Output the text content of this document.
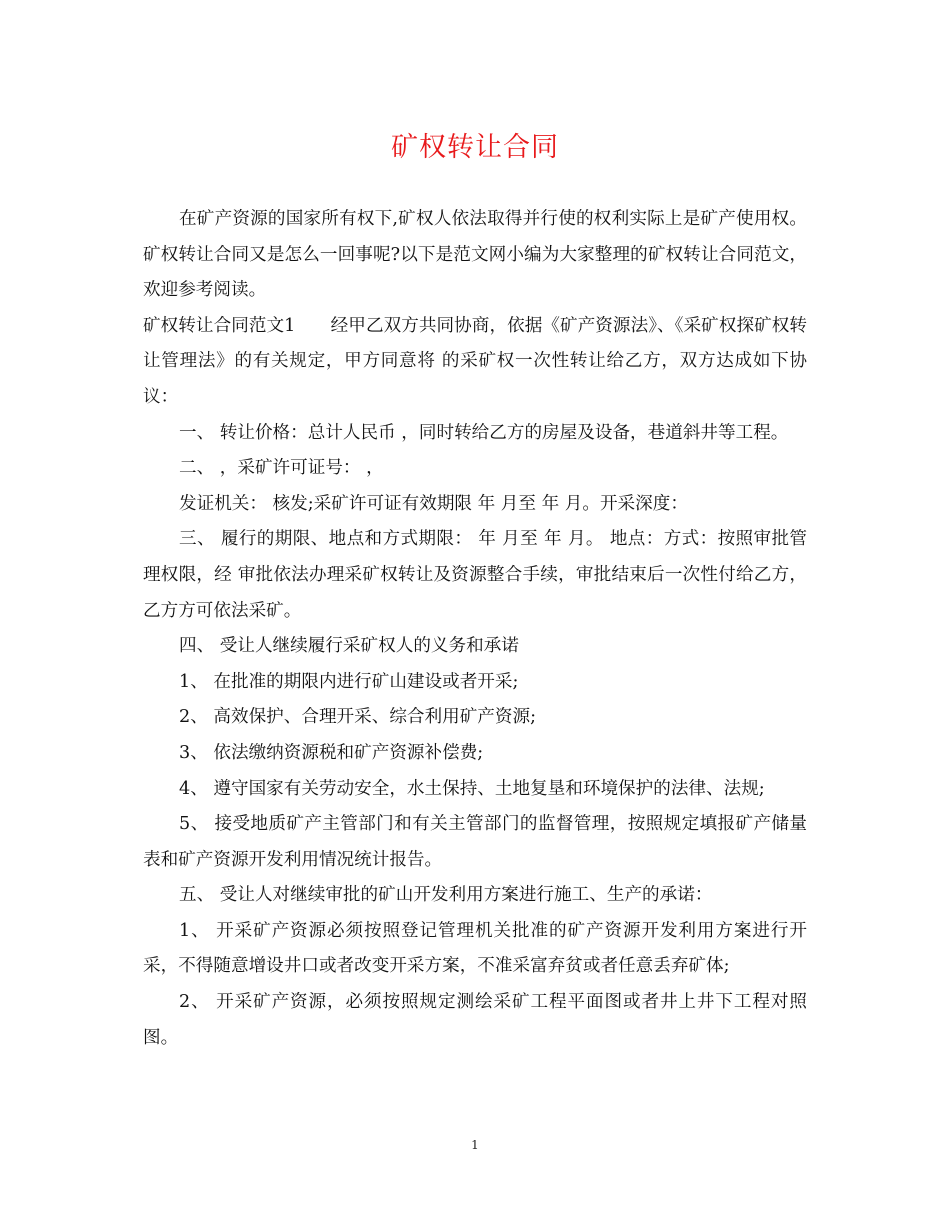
矿权转让合同

在矿产资源的国家所有权下,矿权人依法取得并行使的权利实际上是矿产使用权。矿权转让合同又是怎么一回事呢?以下是范文网小编为大家整理的矿权转让合同范文，欢迎参考阅读。

矿权转让合同范文1　　经甲乙双方共同协商，依据《矿产资源法》、《采矿权探矿权转让管理法》的有关规定，甲方同意将 的采矿权一次性转让给乙方，双方达成如下协议：

一、 转让价格：总计人民币 ，同时转给乙方的房屋及设备，巷道斜井等工程。

二、 ，采矿许可证号： ，

发证机关： 核发;采矿许可证有效期限 年 月至 年 月。开采深度：

三、 履行的期限、地点和方式期限： 年 月至 年 月。 地点：方式：按照审批管理权限，经 审批依法办理采矿权转让及资源整合手续，审批结束后一次性付给乙方，乙方方可依法采矿。

四、 受让人继续履行采矿权人的义务和承诺

1、 在批准的期限内进行矿山建设或者开采;

2、 高效保护、合理开采、综合利用矿产资源;

3、 依法缴纳资源税和矿产资源补偿费;

4、 遵守国家有关劳动安全，水土保持、土地复垦和环境保护的法律、法规;

5、 接受地质矿产主管部门和有关主管部门的监督管理，按照规定填报矿产储量表和矿产资源开发利用情况统计报告。

五、 受让人对继续审批的矿山开发利用方案进行施工、生产的承诺：

1、 开采矿产资源必须按照登记管理机关批准的矿产资源开发利用方案进行开采，不得随意增设井口或者改变开采方案，不准采富弃贫或者任意丢弃矿体;

2、 开采矿产资源，必须按照规定测绘采矿工程平面图或者井上井下工程对照图。

1
